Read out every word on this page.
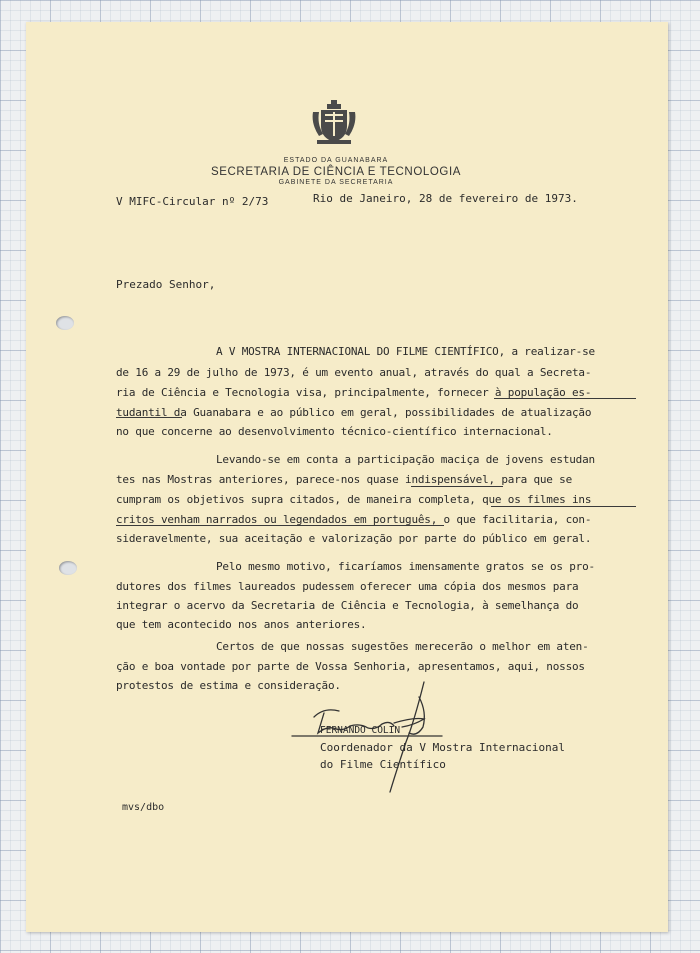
ESTADO DA GUANABARA
SECRETARIA DE CIÊNCIA E TECNOLOGIA
GABINETE DA SECRETARIA
V MIFC-Circular nº 2/73	Rio de Janeiro, 28 de fevereiro de 1973.
Prezado Senhor,
A V MOSTRA INTERNACIONAL DO FILME CIENTÍFICO, a realizar-se
de 16 a 29 de julho de 1973, é um evento anual, através do qual a Secreta-
ria de Ciência e Tecnologia visa, principalmente, fornecer à população es-
tudantil da Guanabara e ao público em geral, possibilidades de atualização
no que concerne ao desenvolvimento técnico-científico internacional.
Levando-se em conta a participação maciça de jovens estudan
tes nas Mostras anteriores, parece-nos quase indispensável, para que se
cumpram os objetivos supra citados, de maneira completa, que os filmes ins
critos venham narrados ou legendados em português, o que facilitaria, con-
sideravelmente, sua aceitação e valorização por parte do público em geral.
Pelo mesmo motivo, ficaríamos imensamente gratos se os pro-
dutores dos filmes laureados pudessem oferecer uma cópia dos mesmos para
integrar o acervo da Secretaria de Ciência e Tecnologia, à semelhança do
que tem acontecido nos anos anteriores.
Certos de que nossas sugestões merecerão o melhor em aten-
ção e boa vontade por parte de Vossa Senhoria, apresentamos, aqui, nossos
protestos de estima e consideração.
FERNANDO COLIN
Coordenador da V Mostra Internacional
do Filme Científico
mvs/dbo
